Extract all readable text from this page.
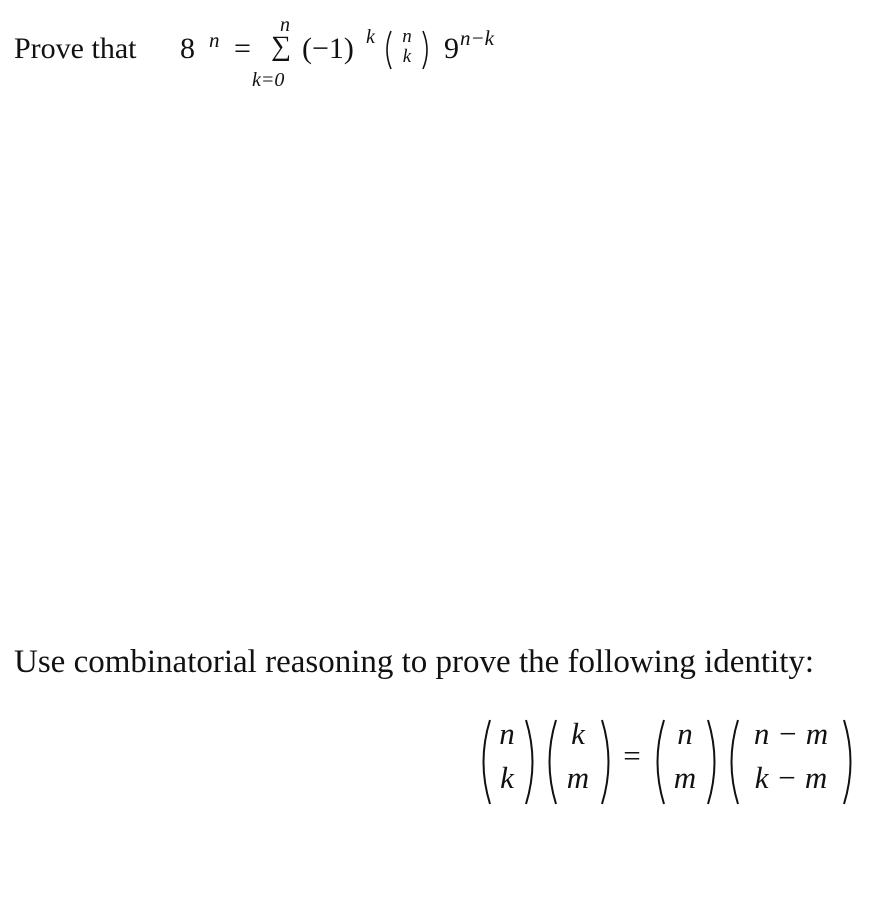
Prove that 8 n =
n
∑
k=0
(−1) k	n
k 9 n−k
Use combinatorial reasoning to prove the following identity:
n
k
k
m
=
n
m
n − m
k − m
